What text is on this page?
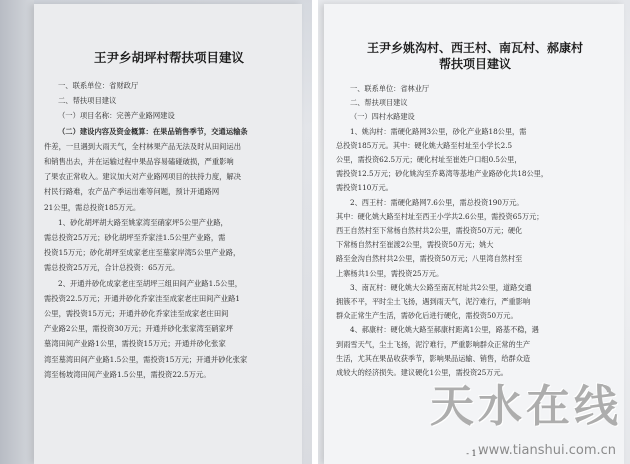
王尹乡胡坪村帮扶项目建议
一、联系单位：省财政厅
二、帮扶项目建议
（一）项目名称：完善产业路网建设
（二）建设内容及资金概算：在果品销售季节，交通运输条
件差，一旦遇到大雨天气，全村林果产品无法及时从田间运出
和销售出去，并在运输过程中果品容易磕碰破损，严重影响
了果农正常收入。建议加大对产业路网项目的扶持力度，解决
村民行路难，农产品产季运出难等问题，预计开通路网
21公里，需总投资185万元。
1、砂化胡坪胡大路至姚家湾至硝家坪5公里产业路，
需总投资25万元；砂化胡坪至乔家洼1.5公里产业路，需
投资15万元；砂化胡坪至成家老庄至墓家岸湾5公里产业路，
需总投资25万元，合计总投资：65万元。
2、开通并砂化成家老庄至胡坪三组田间产业路1.5公里，
需投资22.5万元；开通并砂化乔家洼至成家老庄田间产业路1
公里，需投资15万元；开通并砂化乔家洼至成家老庄田间
产业路2公里，需投资30万元；开通并砂化张家湾至硝家坪
墓湾田间产业路1公里，需投资15万元；开通并砂化张家
湾至墓湾田间产业路1.5公里，需投资15万元；开通并砂化张家
湾至杨坡湾田间产业路1.5公里，需投资22.5万元。
王尹乡姚沟村、西王村、南瓦村、郝康村
帮扶项目建议
一、联系单位：省林业厅
二、帮扶项目建议
（一）四村水路建设
1、姚沟村：需硬化路网3公里，砂化产业路18公里，需
总投资185万元。其中：硬化姚大路至村址至小学长2.5
公里，需投资62.5万元；硬化村址至崔姓户口组0.5公里，
需投资12.5万元；砂化姚沟至乔葛湾等基地产业路砂化共18公里，
需投资110万元。
2、西王村：需硬化路网7.6公里，需总投资190万元。
其中：硬化姚大路至村址至西王小学共2.6公里，需投资65万元；
西王自然村至下常杨自然村共2公里，需投资50万元；硬化
下常杨自然村至崔渡2公里，需投资50万元；姚大
路至金沟自然村共2公里，需投资50万元；八里湾自然村至
上寨杨共1公里，需投资25万元。
3、南瓦村：硬化姚大公路至南瓦村址共2公里，道路交通
拥簇不平，平时尘土飞扬，遇到雨天气，泥泞难行，严重影响
群众正常生产生活，需砂化后进行硬化，需投资50万元。
4、郝康村：硬化姚大路至郝康村距离1公里，路基不稳，遇
到雨雪天气，尘土飞扬，泥泞难行，严重影响群众正常的生产
生活，尤其在果品收获季节，影响果品运输、销售，给群众造
成较大的经济损失。建议硬化1公里，需投资25万元。
- 1 -
天水在线
www.tianshui.com.cn
